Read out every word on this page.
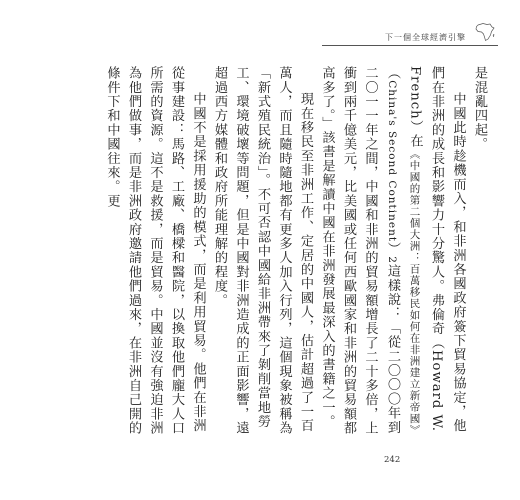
下一個全球經濟引擎

是混亂四起。

中國此時趁機而入，和非洲各國政府簽下貿易協定，他們在非洲的成長和影響力十分驚人。弗倫奇（Howard W. French）在《中國的第二個大洲：百萬移民如何在非洲建立新帝國》（China's Second Continent）2這樣說：「從二〇〇〇年到二〇一一年之間，中國和非洲的貿易額增長了二十多倍，上衝到兩千億美元，比美國或任何西歐國家和非洲的貿易額都高多了。」該書是解讀中國在非洲發展最深入的書籍之一。

現在移民至非洲工作、定居的中國人，估計超過了一百萬人，而且隨時隨地都有更多人加入行列，這個現象被稱為「新式殖民統治」。不可否認中國給非洲帶來了剝削當地勞工、環境破壞等問題，但是中國對非洲造成的正面影響，遠超過西方媒體和政府所能理解的程度。

中國不是採用援助的模式，而是利用貿易。他們在非洲從事建設：馬路、工廠、橋樑和醫院，以換取他們龐大人口所需的資源。這不是救援，而是貿易。中國並沒有強迫非洲為他們做事，而是非洲政府邀請他們過來，在非洲自己開的條件下和中國往來。更

242
